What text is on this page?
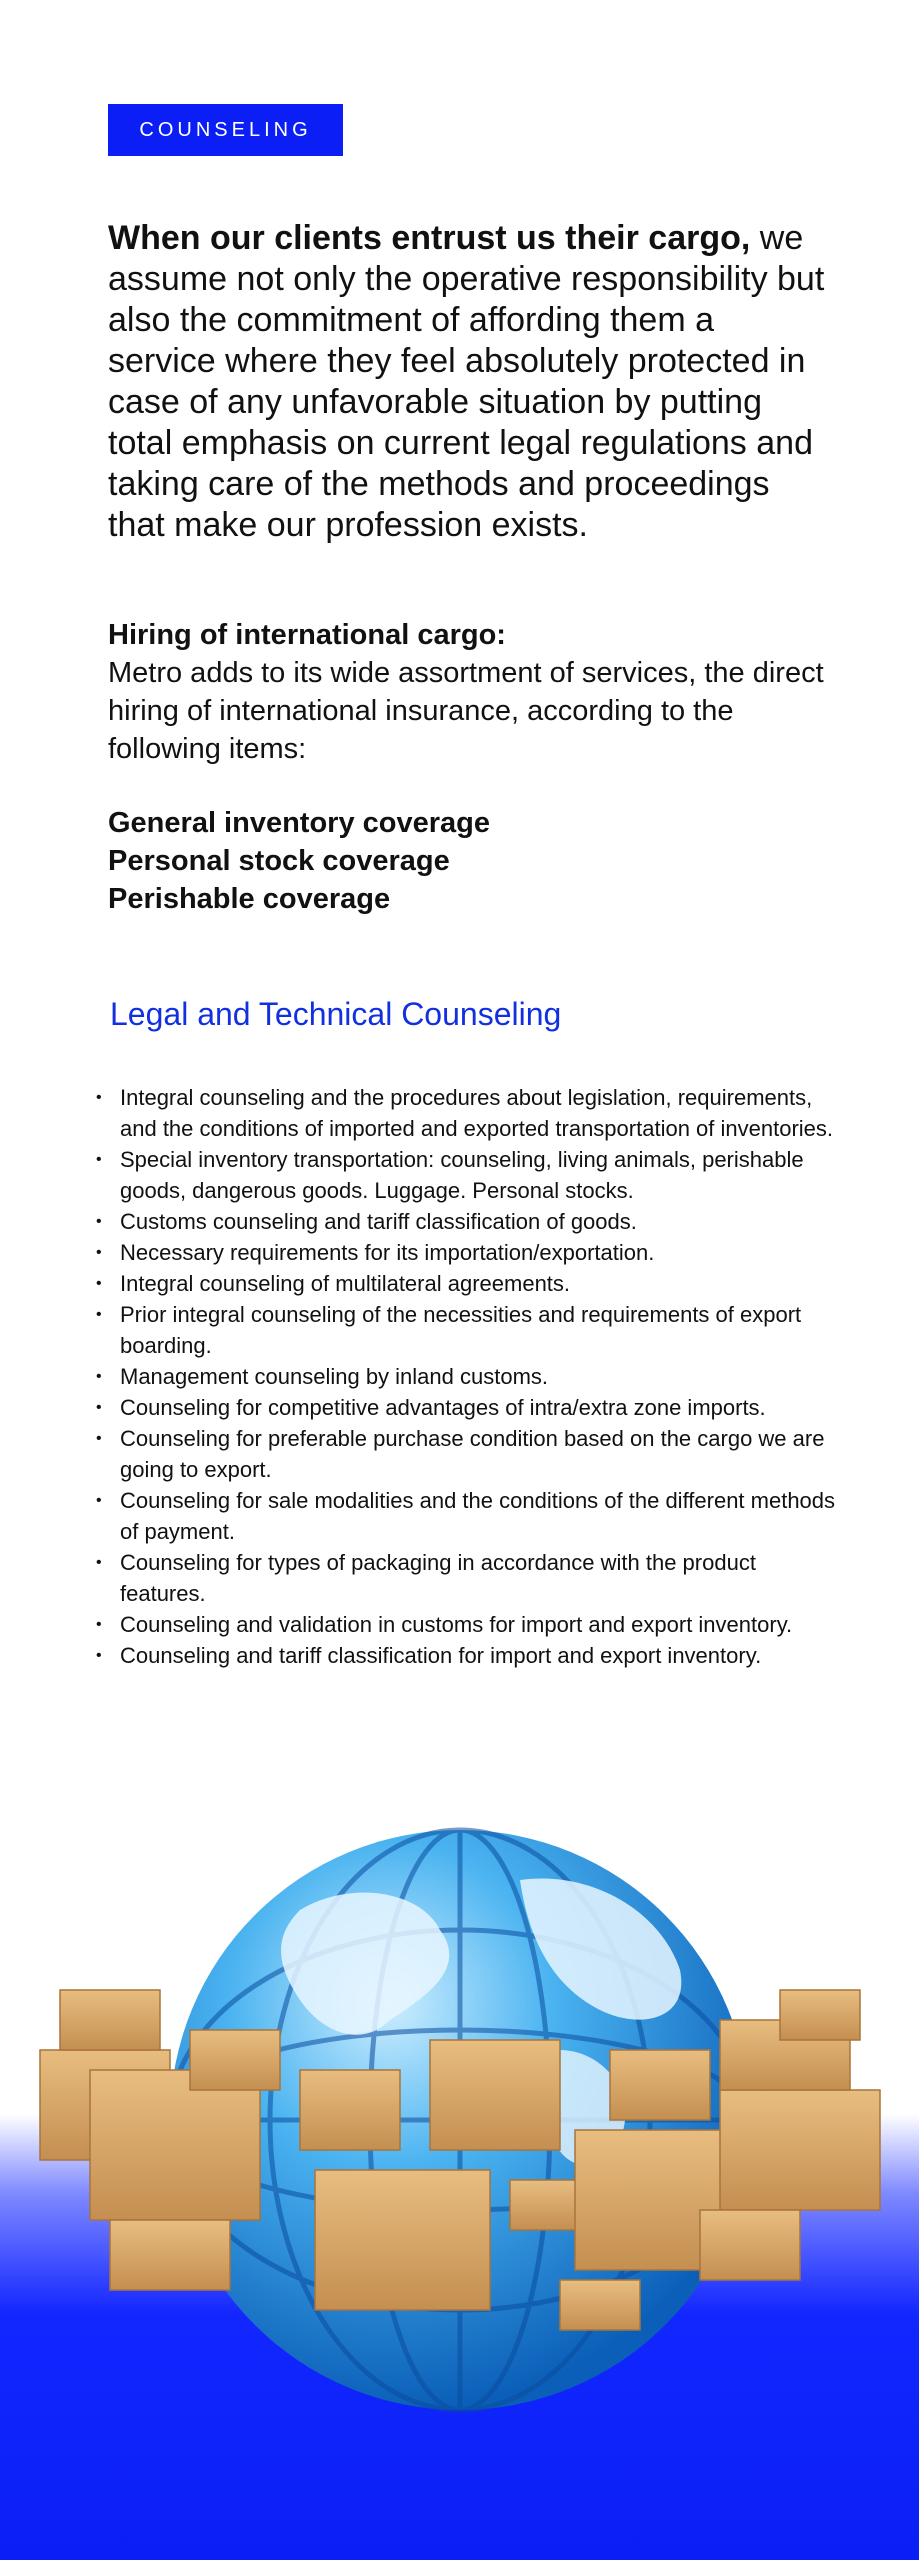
COUNSELING

When our clients entrust us their cargo, we assume not only the operative responsibility but also the commitment of affording them a service where they feel absolutely protected in case of any unfavorable situation by putting total emphasis on current legal regulations and taking care of the methods and proceedings that make our profession exists.

Hiring of international cargo:
Metro adds to its wide assortment of services, the direct hiring of international insurance, according to the following items:
General inventory coverage
Personal stock coverage
Perishable coverage
Legal and Technical Counseling
• Integral counseling and the procedures about legislation, requirements, and the conditions of imported and exported transportation of inventories.
• Special inventory transportation: counseling, living animals, perishable goods, dangerous goods. Luggage. Personal stocks.
• Customs counseling and tariff classification of goods.
• Necessary requirements for its importation/exportation.
• Integral counseling of multilateral agreements.
• Prior integral counseling of the necessities and requirements of export boarding.
• Management counseling by inland customs.
• Counseling for competitive advantages of intra/extra zone imports.
• Counseling for preferable purchase condition based on the cargo we are going to export.
• Counseling for sale modalities and the conditions of the different methods of payment.
• Counseling for types of packaging in accordance with the product features.
• Counseling and validation in customs for import and export inventory.
• Counseling and tariff classification for import and export inventory.
